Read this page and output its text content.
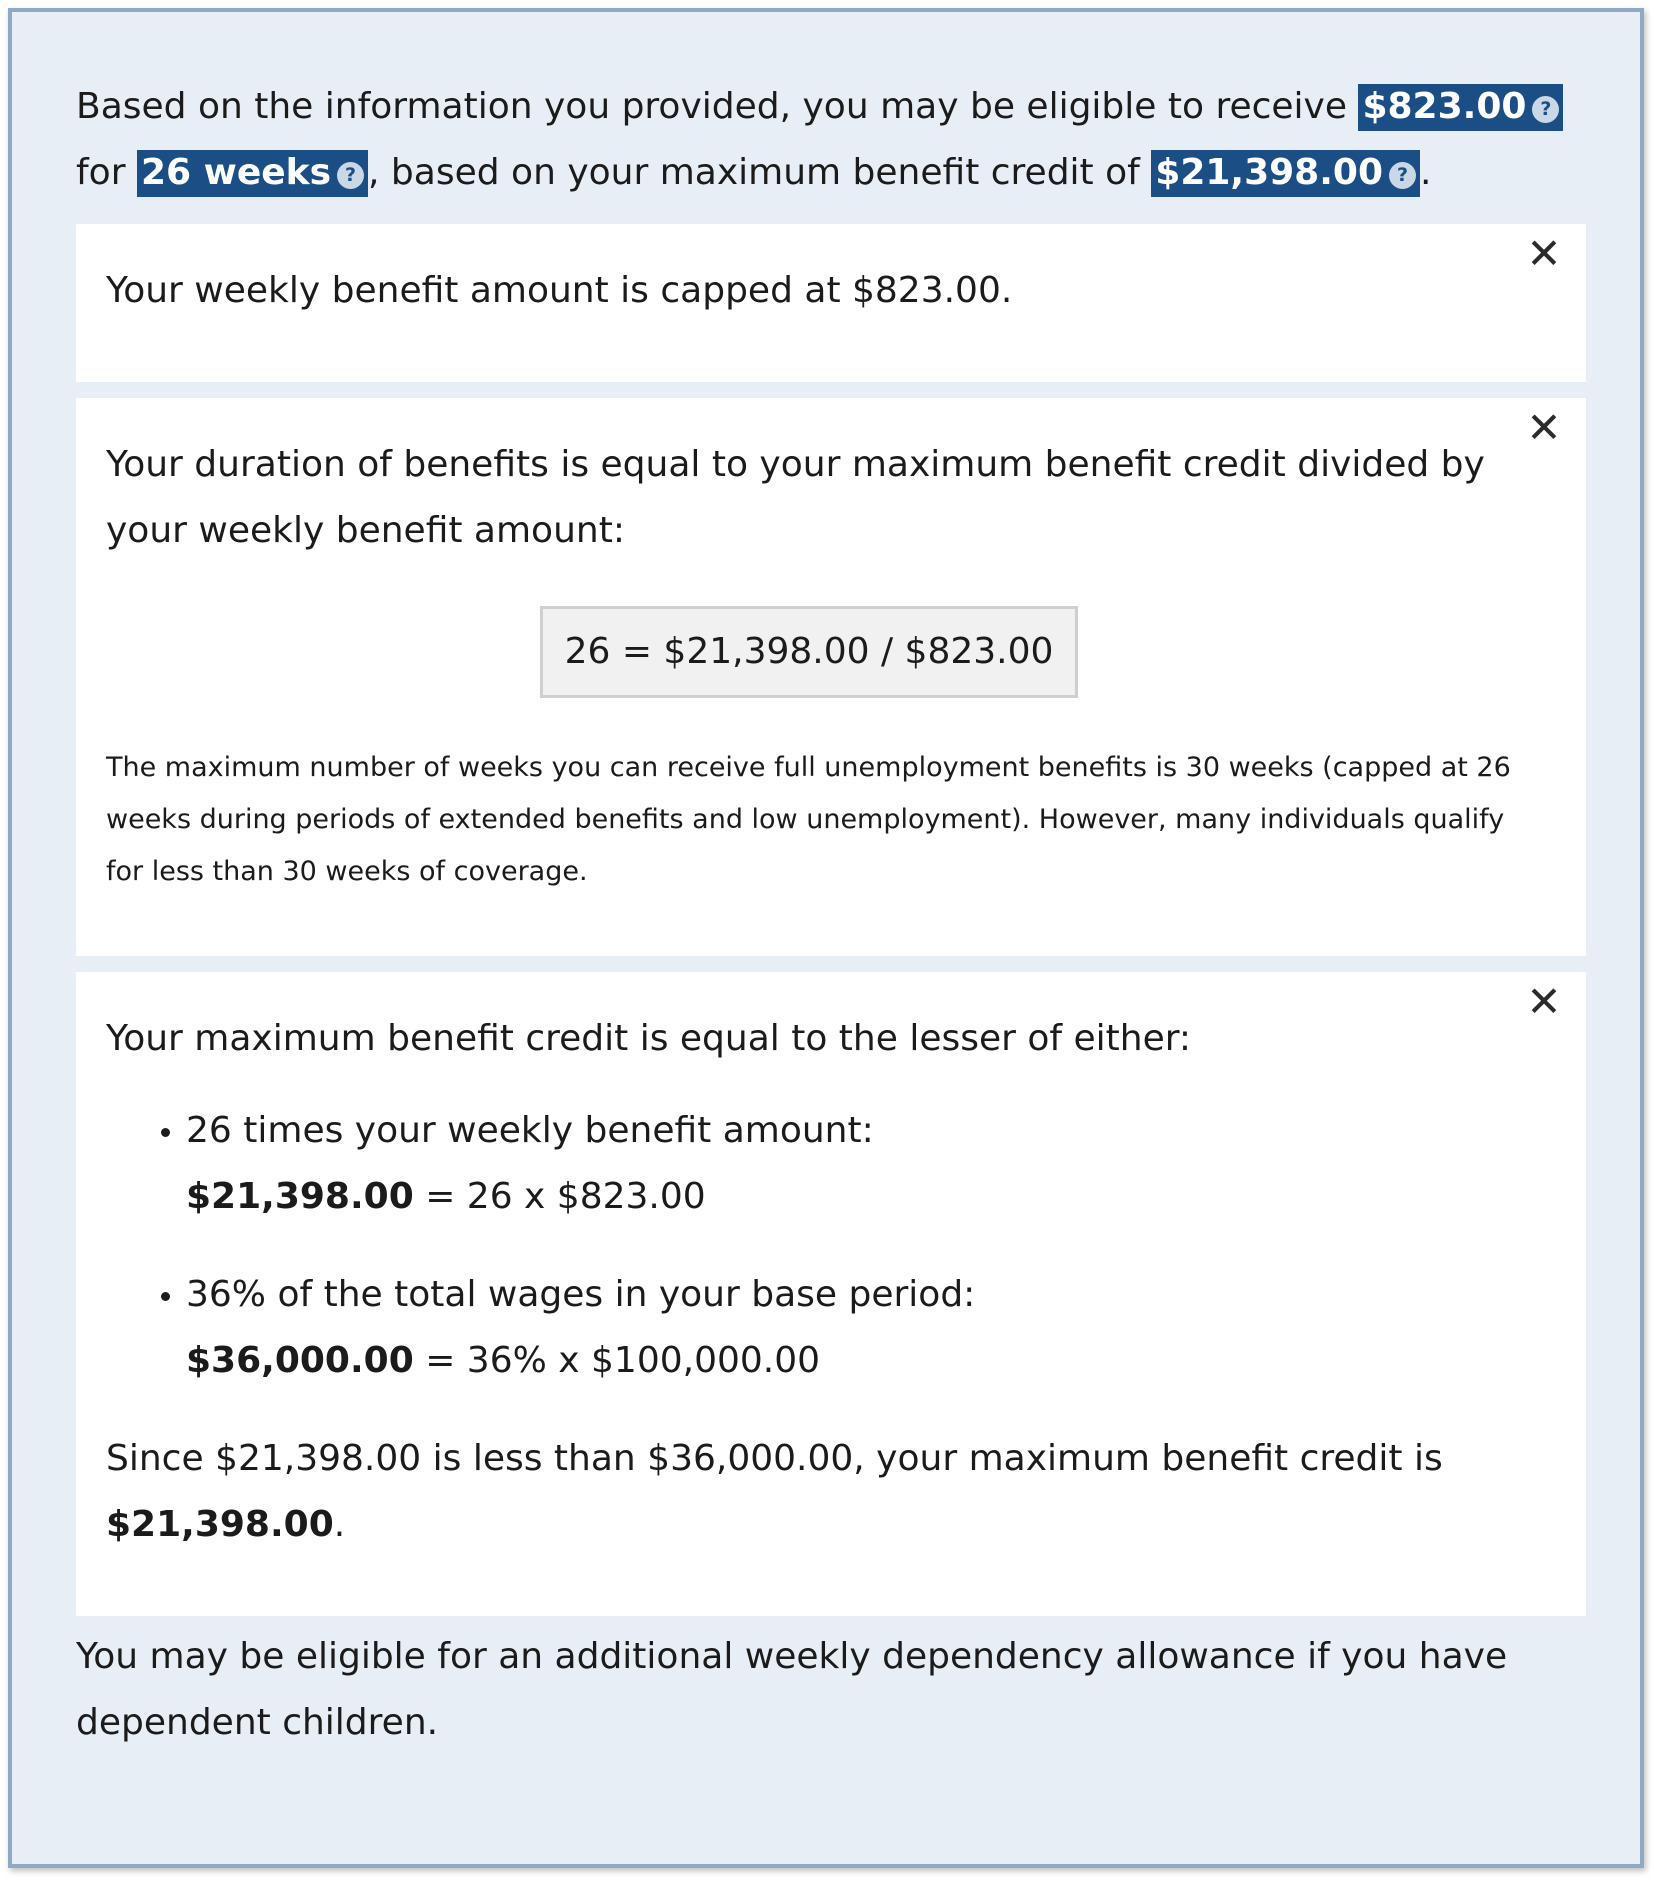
Based on the information you provided, you may be eligible to receive $823.00 ? for 26 weeks ? , based on your maximum benefit credit of $21,398.00 ? .

✕

Your weekly benefit amount is capped at $823.00.

✕

Your duration of benefits is equal to your maximum benefit credit divided by your weekly benefit amount:

26 = $21,398.00 / $823.00

The maximum number of weeks you can receive full unemployment benefits is 30 weeks (capped at 26 weeks during periods of extended benefits and low unemployment). However, many individuals qualify for less than 30 weeks of coverage.

✕

Your maximum benefit credit is equal to the lesser of either:

• 26 times your weekly benefit amount:
$21,398.00 = 26 x $823.00
• 36% of the total wages in your base period:
$36,000.00 = 36% x $100,000.00

Since $21,398.00 is less than $36,000.00, your maximum benefit credit is $21,398.00.

You may be eligible for an additional weekly dependency allowance if you have dependent children.
